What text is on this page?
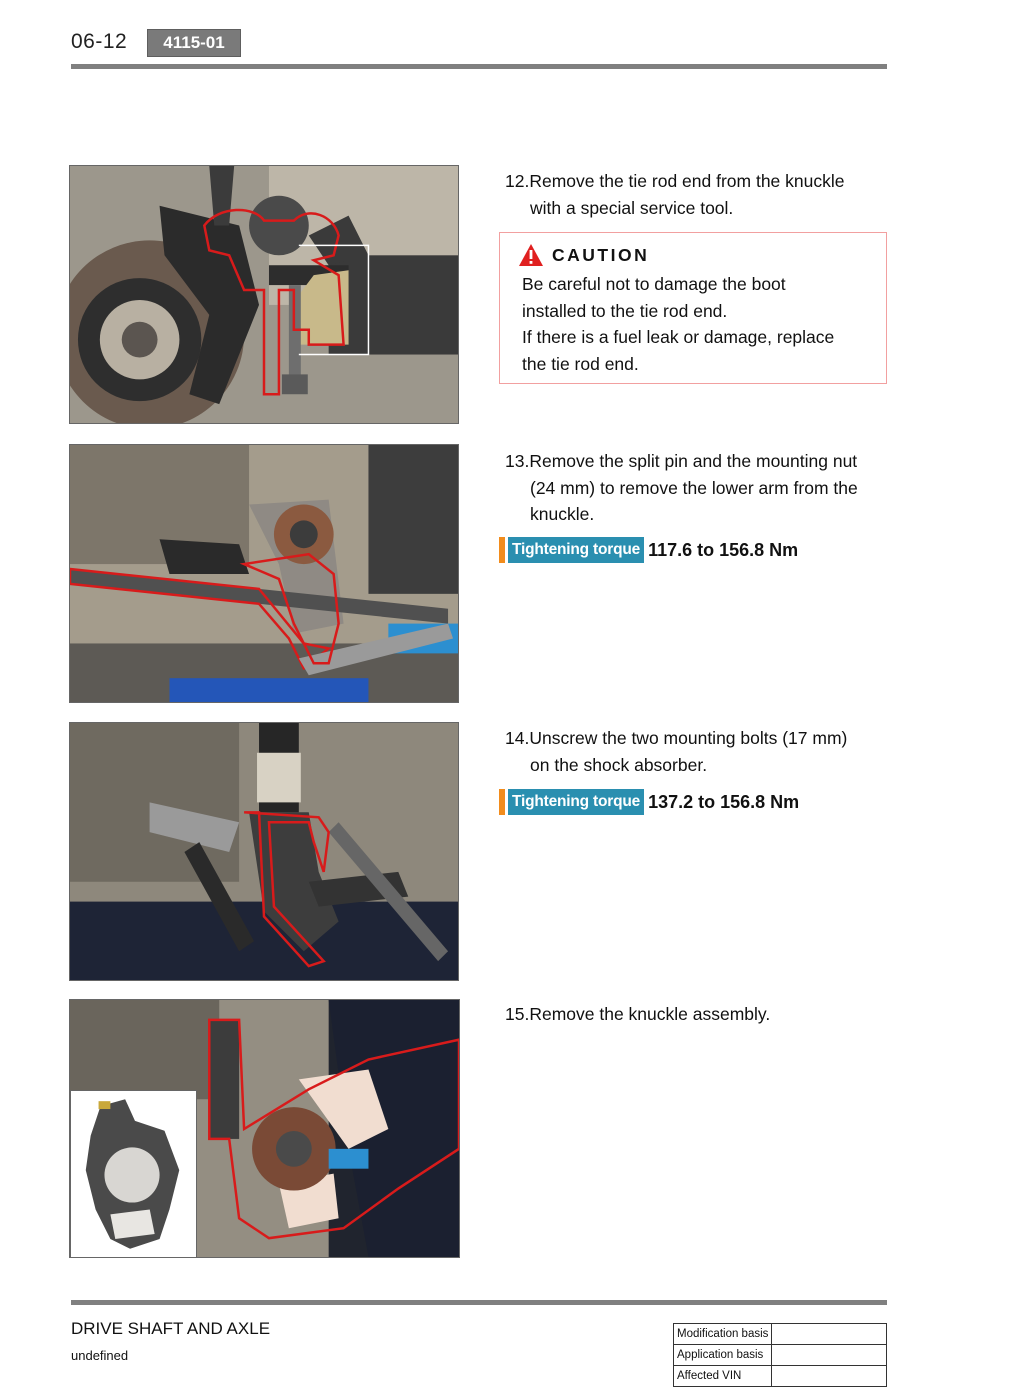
06-12	4115-01
12.Remove the tie rod end from the knuckle
with a special service tool.
CAUTION
Be careful not to damage the boot
installed to the tie rod end.
If there is a fuel leak or damage, replace
the tie rod end.
13.Remove the split pin and the mounting nut
(24 mm) to remove the lower arm from the
knuckle.
Tightening torque 117.6 to 156.8 Nm
14.Unscrew the two mounting bolts (17 mm)
on the shock absorber.
Tightening torque 137.2 to 156.8 Nm
15.Remove the knuckle assembly.
DRIVE SHAFT AND AXLE
undefined
Modification basis	
Application basis	
Affected VIN	
